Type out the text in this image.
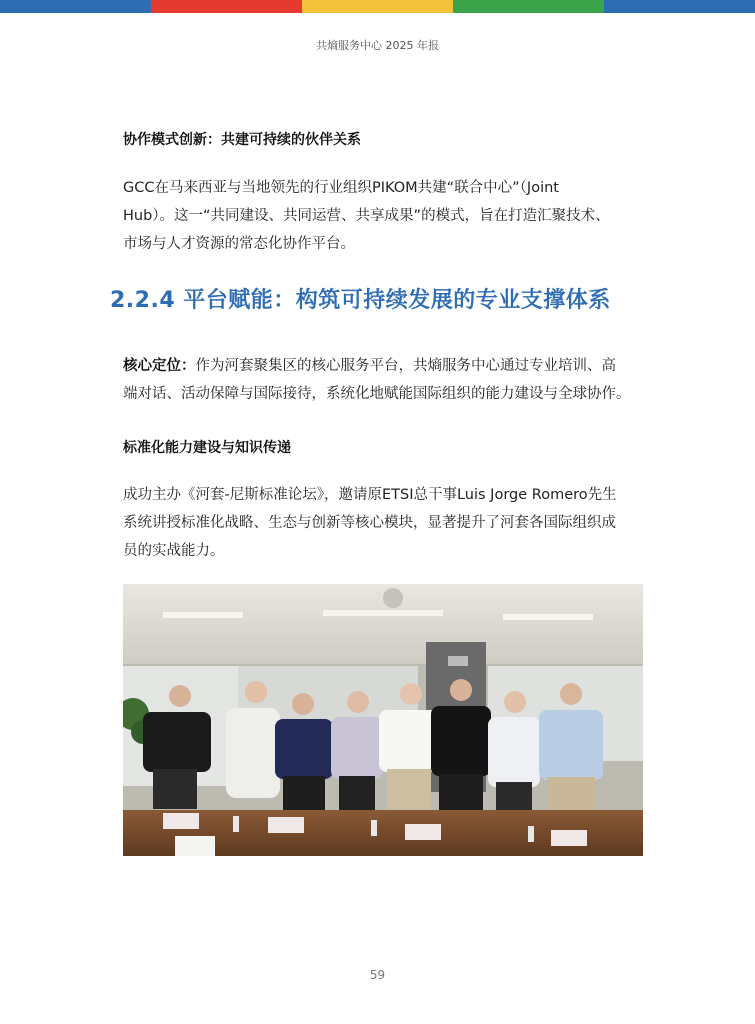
共熵服务中心 2025 年报
协作模式创新：共建可持续的伙伴关系

GCC在马来西亚与当地领先的行业组织PIKOM共建“联合中心”（Joint
Hub）。这一“共同建设、共同运营、共享成果”的模式，旨在打造汇聚技术、
市场与人才资源的常态化协作平台。

2.2.4 平台赋能：构筑可持续发展的专业支撑体系

核心定位：作为河套聚集区的核心服务平台，共熵服务中心通过专业培训、高
端对话、活动保障与国际接待，系统化地赋能国际组织的能力建设与全球协作。

标准化能力建设与知识传递

成功主办《河套-尼斯标准论坛》，邀请原ETSI总干事Luis Jorge Romero先生
系统讲授标准化战略、生态与创新等核心模块，显著提升了河套各国际组织成
员的实战能力。

59
